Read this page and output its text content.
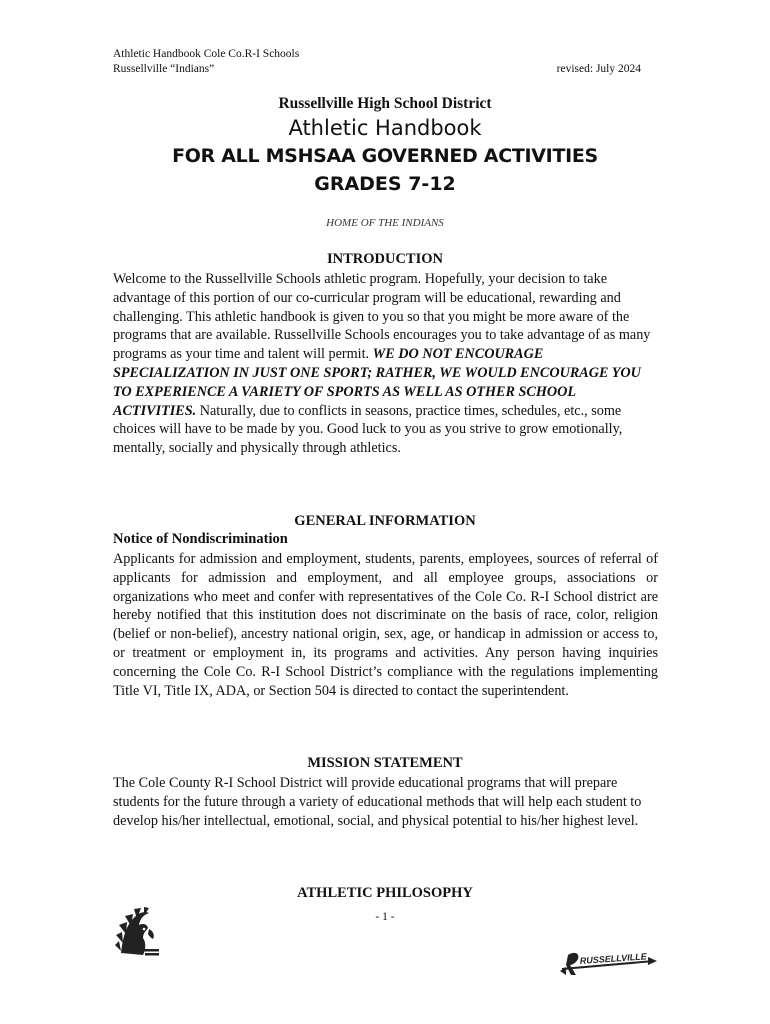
Athletic Handbook Cole Co.R-I Schools
Russellville “Indians”	revised: July 2024
Russellville High School District
Athletic Handbook
FOR ALL MSHSAA GOVERNED ACTIVITIES
GRADES 7-12
HOME OF THE INDIANS
INTRODUCTION

Welcome to the Russellville Schools athletic program. Hopefully, your decision to take advantage of this portion of our co-curricular program will be educational, rewarding and challenging. This athletic handbook is given to you so that you might be more aware of the programs that are available. Russellville Schools encourages you to take advantage of as many programs as your time and talent will permit. WE DO NOT ENCOURAGE SPECIALIZATION IN JUST ONE SPORT; RATHER, WE WOULD ENCOURAGE YOU TO EXPERIENCE A VARIETY OF SPORTS AS WELL AS OTHER SCHOOL ACTIVITIES. Naturally, due to conflicts in seasons, practice times, schedules, etc., some choices will have to be made by you. Good luck to you as you strive to grow emotionally, mentally, socially and physically through athletics.

GENERAL INFORMATION
Notice of Nondiscrimination

Applicants for admission and employment, students, parents, employees, sources of referral of applicants for admission and employment, and all employee groups, associations or organizations who meet and confer with representatives of the Cole Co. R-I School district are hereby notified that this institution does not discriminate on the basis of race, color, religion (belief or non-belief), ancestry national origin, sex, age, or handicap in admission or access to, or treatment or employment in, its programs and activities. Any person having inquiries concerning the Cole Co. R-I School District’s compliance with the regulations implementing Title VI, Title IX, ADA, or Section 504 is directed to contact the superintendent.

MISSION STATEMENT

The Cole County R-I School District will provide educational programs that will prepare students for the future through a variety of educational methods that will help each student to develop his/her intellectual, emotional, social, and physical potential to his/her highest level.

ATHLETIC PHILOSOPHY
- 1 -
RUSSELLVILLE
